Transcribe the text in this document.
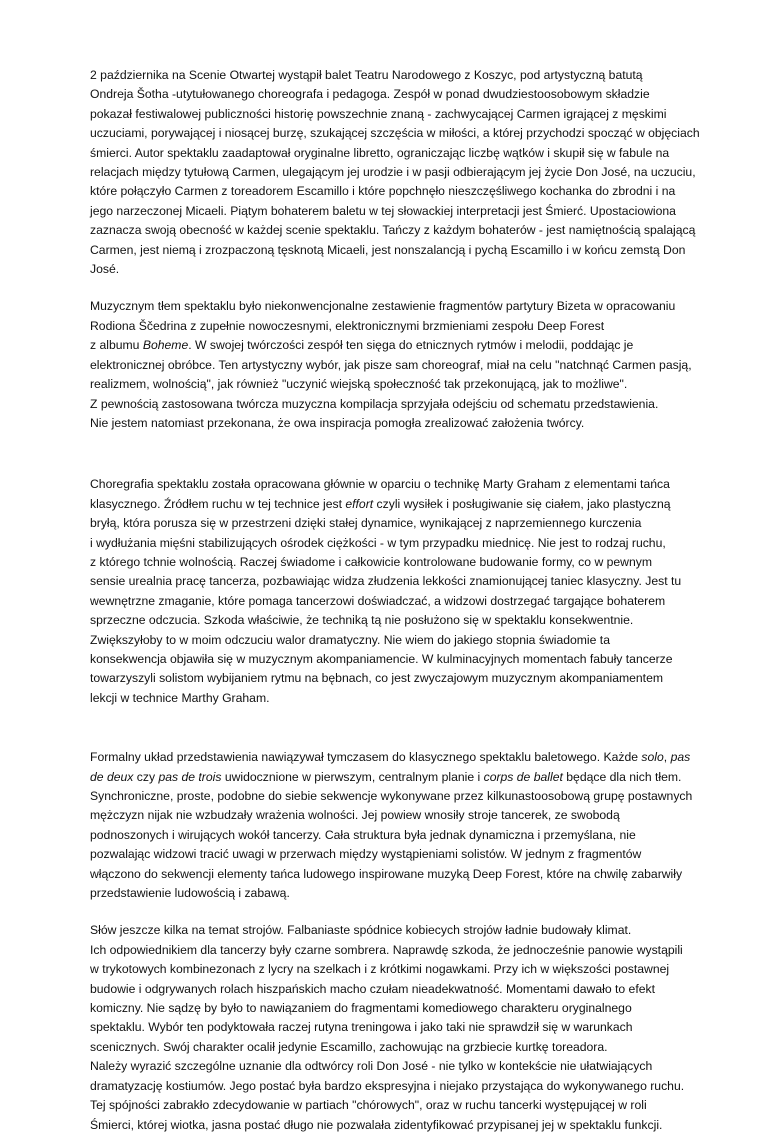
2 października na Scenie Otwartej wystąpił balet Teatru Narodowego z Koszyc, pod artystyczną batutą
Ondreja Šotha -utytułowanego choreografa i pedagoga. Zespół w ponad dwudziestoosobowym składzie
pokazał festiwalowej publiczności historię powszechnie znaną - zachwycającej Carmen igrającej z męskimi
uczuciami, porywającej i niosącej burzę, szukającej szczęścia w miłości, a której przychodzi spocząć w objęciach
śmierci. Autor spektaklu zaadaptował oryginalne libretto, ograniczając liczbę wątków i skupił się w fabule na
relacjach między tytułową Carmen, ulegającym jej urodzie i w pasji odbierającym jej życie Don José, na uczuciu,
które połączyło Carmen z toreadorem Escamillo i które popchnęło nieszczęśliwego kochanka do zbrodni i na
jego narzeczonej Micaeli. Piątym bohaterem baletu w tej słowackiej interpretacji jest Śmierć. Upostaciowiona
zaznacza swoją obecność w każdej scenie spektaklu. Tańczy z każdym bohaterów - jest namiętnością spalającą
Carmen, jest niemą i zrozpaczoną tęsknotą Micaeli, jest nonszalancją i pychą Escamillo i w końcu zemstą Don
José.

Muzycznym tłem spektaklu było niekonwencjonalne zestawienie fragmentów partytury Bizeta w opracowaniu
Rodiona Ščedrina z zupełnie nowoczesnymi, elektronicznymi brzmieniami zespołu Deep Forest
z albumu Boheme. W swojej twórczości zespół ten sięga do etnicznych rytmów i melodii, poddając je
elektronicznej obróbce. Ten artystyczny wybór, jak pisze sam choreograf, miał na celu "natchnąć Carmen pasją,
realizmem, wolnością", jak również "uczynić wiejską społeczność tak przekonującą, jak to możliwe".
Z pewnością zastosowana twórcza muzyczna kompilacja sprzyjała odejściu od schematu przedstawienia.
Nie jestem natomiast przekonana, że owa inspiracja pomogła zrealizować założenia twórcy.

Choregrafia spektaklu została opracowana głównie w oparciu o technikę Marty Graham z elementami tańca
klasycznego. Źródłem ruchu w tej technice jest effort czyli wysiłek i posługiwanie się ciałem, jako plastyczną
bryłą, która porusza się w przestrzeni dzięki stałej dynamice, wynikającej z naprzemiennego kurczenia
i wydłużania mięśni stabilizujących ośrodek ciężkości - w tym przypadku miednicę. Nie jest to rodzaj ruchu,
z którego tchnie wolnością. Raczej świadome i całkowicie kontrolowane budowanie formy, co w pewnym
sensie urealnia pracę tancerza, pozbawiając widza złudzenia lekkości znamionującej taniec klasyczny. Jest tu
wewnętrzne zmaganie, które pomaga tancerzowi doświadczać, a widzowi dostrzegać targające bohaterem
sprzeczne odczucia. Szkoda właściwie, że techniką tą nie posłużono się w spektaklu konsekwentnie.
Zwiększyłoby to w moim odczuciu walor dramatyczny. Nie wiem do jakiego stopnia świadomie ta
konsekwencja objawiła się w muzycznym akompaniamencie. W kulminacyjnych momentach fabuły tancerze
towarzyszyli solistom wybijaniem rytmu na bębnach, co jest zwyczajowym muzycznym akompaniamentem
lekcji w technice Marthy Graham.

Formalny układ przedstawienia nawiązywał tymczasem do klasycznego spektaklu baletowego. Każde solo, pas
de deux czy pas de trois uwidocznione w pierwszym, centralnym planie i corps de ballet będące dla nich tłem.
Synchroniczne, proste, podobne do siebie sekwencje wykonywane przez kilkunastoosobową grupę postawnych
mężczyzn nijak nie wzbudzały wrażenia wolności. Jej powiew wnosiły stroje tancerek, ze swobodą
podnoszonych i wirujących wokół tancerzy. Cała struktura była jednak dynamiczna i przemyślana, nie
pozwalając widzowi tracić uwagi w przerwach między wystąpieniami solistów. W jednym z fragmentów
włączono do sekwencji elementy tańca ludowego inspirowane muzyką Deep Forest, które na chwilę zabarwiły
przedstawienie ludowością i zabawą.

Słów jeszcze kilka na temat strojów. Falbaniaste spódnice kobiecych strojów ładnie budowały klimat.
Ich odpowiednikiem dla tancerzy były czarne sombrera. Naprawdę szkoda, że jednocześnie panowie wystąpili
w trykotowych kombinezonach z lycry na szelkach i z krótkimi nogawkami. Przy ich w większości postawnej
budowie i odgrywanych rolach hiszpańskich macho czułam nieadekwatność. Momentami dawało to efekt
komiczny. Nie sądzę by było to nawiązaniem do fragmentami komediowego charakteru oryginalnego
spektaklu. Wybór ten podyktowała raczej rutyna treningowa i jako taki nie sprawdził się w warunkach
scenicznych. Swój charakter ocalił jedynie Escamillo, zachowując na grzbiecie kurtkę toreadora.
Należy wyrazić szczególne uznanie dla odtwórcy roli Don José - nie tylko w kontekście nie ułatwiających
dramatyzację kostiumów. Jego postać była bardzo ekspresyjna i niejako przystająca do wykonywanego ruchu.
Tej spójności zabrakło zdecydowanie w partiach "chórowych", oraz w ruchu tancerki występującej w roli
Śmierci, której wiotka, jasna postać długo nie pozwalała zidentyfikować przypisanej jej w spektaklu funkcji.
